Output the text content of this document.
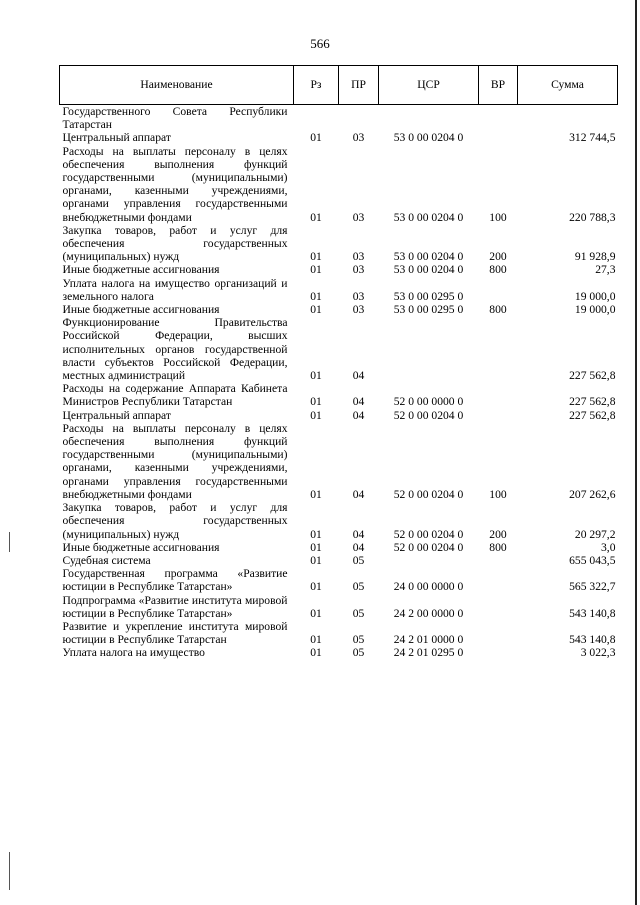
566
Наименование	Рз	ПР	ЦСР	ВР	Сумма
Государственного Совета Республики Татарстан					
Центральный аппарат	01	03	53 0 00 0204 0		312 744,5
Расходы на выплаты персоналу в целях обеспечения выполнения функций государственными (муниципальными) органами, казенными учреждениями, органами управления государственными внебюджетными фондами	01	03	53 0 00 0204 0	100	220 788,3
Закупка товаров, работ и услуг для обеспечения государственных (муниципальных) нужд	01	03	53 0 00 0204 0	200	91 928,9
Иные бюджетные ассигнования	01	03	53 0 00 0204 0	800	27,3
Уплата налога на имущество организаций и земельного налога	01	03	53 0 00 0295 0		19 000,0
Иные бюджетные ассигнования	01	03	53 0 00 0295 0	800	19 000,0
Функционирование Правительства Российской Федерации, высших исполнительных органов государственной власти субъектов Российской Федерации, местных администраций	01	04			227 562,8
Расходы на содержание Аппарата Кабинета Министров Республики Татарстан	01	04	52 0 00 0000 0		227 562,8
Центральный аппарат	01	04	52 0 00 0204 0		227 562,8
Расходы на выплаты персоналу в целях обеспечения выполнения функций государственными (муниципальными) органами, казенными учреждениями, органами управления государственными внебюджетными фондами	01	04	52 0 00 0204 0	100	207 262,6
Закупка товаров, работ и услуг для обеспечения государственных (муниципальных) нужд	01	04	52 0 00 0204 0	200	20 297,2
Иные бюджетные ассигнования	01	04	52 0 00 0204 0	800	3,0
Судебная система	01	05			655 043,5
Государственная программа «Развитие юстиции в Республике Татарстан»	01	05	24 0 00 0000 0		565 322,7
Подпрограмма «Развитие института мировой юстиции в Республике Татарстан»	01	05	24 2 00 0000 0		543 140,8
Развитие и укрепление института мировой юстиции в Республике Татарстан	01	05	24 2 01 0000 0		543 140,8
Уплата налога на имущество	01	05	24 2 01 0295 0		3 022,3
